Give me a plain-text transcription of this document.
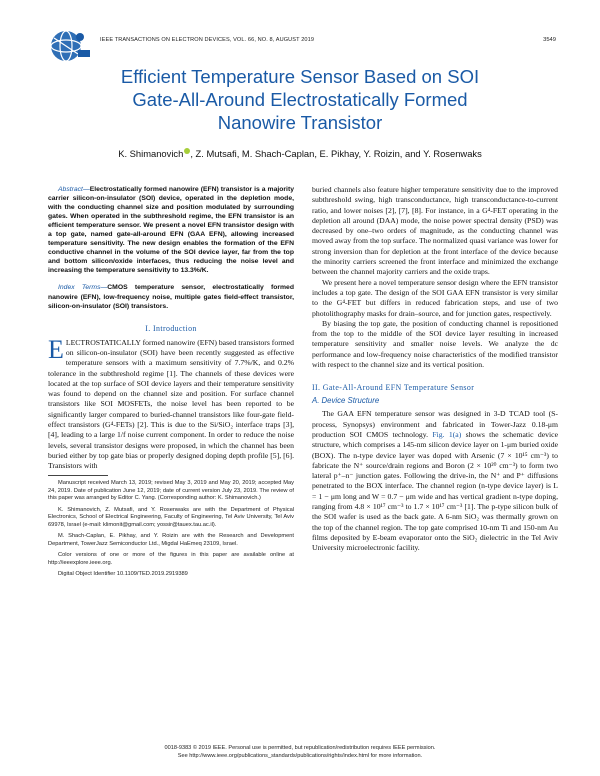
IEEE TRANSACTIONS ON ELECTRON DEVICES, VOL. 66, NO. 8, AUGUST 2019	3549
Efficient Temperature Sensor Based on SOI
Gate-All-Around Electrostatically Formed
Nanowire Transistor
K. Shimanovich , Z. Mutsafi, M. Shach-Caplan, E. Pikhay, Y. Roizin, and Y. Rosenwaks

Abstract—Electrostatically formed nanowire (EFN) transistor is a majority carrier silicon-on-insulator (SOI) device, operated in the depletion mode, with the conducting channel size and position modulated by surrounding gates. When operated in the subthreshold regime, the EFN transistor is an efficient temperature sensor. We present a novel EFN transistor design with a top gate, named gate-all-around EFN (GAA EFN), allowing increased temperature sensitivity. The new design enables the formation of the EFN conductive channel in the volume of the SOI device layer, far from the top and bottom silicon/oxide interfaces, thus reducing the noise level and increasing the temperature sensitivity to 13.3%/K.

Index Terms—CMOS temperature sensor, electrostatically formed nanowire (EFN), low-frequency noise, multiple gates field-effect transistor, silicon-on-insulator (SOI) transistors.

I. Introduction

ELECTROSTATICALLY formed nanowire (EFN) based transistors formed on silicon-on-insulator (SOI) have been recently suggested as effective temperature sensors with a maximum sensitivity of 7.7%/K, and 0.2% tolerance in the subthreshold regime [1]. The channels of these devices were located at the top surface of SOI device layers and their temperature sensitivity was found to depend on the channel size and position. For surface channel transistors like SOI MOSFETs, the noise level has been reported to be significantly larger compared to buried-channel transistors like four-gate field-effect transistors (G⁴-FETs) [2]. This is due to the Si/SiO₂ interface traps [3], [4], leading to a large 1/f noise current component. In order to reduce the noise levels, several transistor designs were proposed, in which the channel has been buried either by top gate bias or properly designed doping depth profile [5], [6]. Transistors with

Manuscript received March 13, 2019; revised May 3, 2019 and May 20, 2019; accepted May 24, 2019. Date of publication June 12, 2019; date of current version July 23, 2019. The review of this paper was arranged by Editor C. Yang. (Corresponding author: K. Shimanovich.)

K. Shimanovich, Z. Mutsafi, and Y. Rosenwaks are with the Department of Physical Electronics, School of Electrical Engineering, Faculty of Engineering, Tel Aviv University, Tel Aviv 69978, Israel (e-mail: klimonit@gmail.com; yossir@tauex.tau.ac.il).

M. Shach-Caplan, E. Pikhay, and Y. Roizin are with the Research and Development Department, TowerJazz Semiconductor Ltd., Migdal HaEmeq 23109, Israel.

Color versions of one or more of the figures in this paper are available online at http://ieeexplore.ieee.org.

Digital Object Identifier 10.1109/TED.2019.2919389

buried channels also feature higher temperature sensitivity due to the improved subthreshold swing, high transconductance, high transconductance-to-current ratio, and lower noises [2], [7], [8]. For instance, in a G⁴-FET operating in the depletion all around (DAA) mode, the noise power spectral density (PSD) was decreased by one–two orders of magnitude, as the conducting channel was moved away from the top surface. The normalized quasi variance was lower for strong inversion than for depletion at the front interface of the device because the minority carriers screened the front interface and minimized the exchange between the channel majority carriers and the oxide traps.

We present here a novel temperature sensor design where the EFN transistor includes a top gate. The design of the SOI GAA EFN transistor is very similar to the G⁴-FET but differs in reduced fabrication steps, and use of two photolithography masks for drain–source, and for junction gates, respectively.

By biasing the top gate, the position of conducting channel is repositioned from the top to the middle of the SOI device layer resulting in increased temperature sensitivity and smaller noise levels. We analyze the dc performance and low-frequency noise characteristics of the modified transistor with respect to the channel size and its vertical position.

II. Gate-All-Around EFN Temperature Sensor
A. Device Structure

The GAA EFN temperature sensor was designed in 3-D TCAD tool (S-process, Synopsys) environment and fabricated in Tower-Jazz 0.18-μm production SOI CMOS technology. Fig. 1(a) shows the schematic device structure, which comprises a 145-nm silicon device layer on 1-μm buried oxide (BOX). The n-type device layer was doped with Arsenic (7 × 10¹⁵ cm⁻³) to fabricate the N⁺ source/drain regions and Boron (2 × 10²⁰ cm⁻³) to form two lateral p⁺–n⁻ junction gates. Following the drive-in, the N⁺ and P⁺ diffusions penetrated to the BOX interface. The channel region (n-type device layer) is L = 1 − μm long and W = 0.7 − μm wide and has vertical gradient n-type doping, ranging from 4.8 × 10¹⁷ cm⁻³ to 1.7 × 10¹⁷ cm⁻³ [1]. The p-type silicon bulk of the SOI wafer is used as the back gate. A 6-nm SiO₂ was thermally grown on the top of the channel region. The top gate comprised 10-nm Ti and 150-nm Au films deposited by E-beam evaporator onto the SiO₂ dielectric in the Tel Aviv University microelectronic facility.

0018-9383 © 2019 IEEE. Personal use is permitted, but republication/redistribution requires IEEE permission.
See http://www.ieee.org/publications_standards/publications/rights/index.html for more information.
